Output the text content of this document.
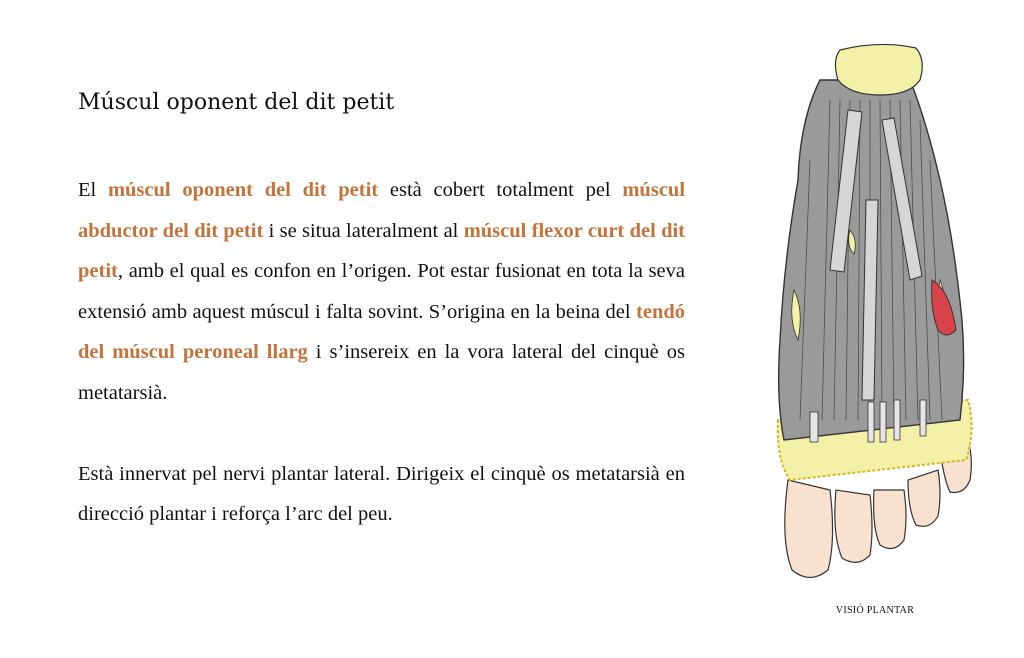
Múscul oponent del dit petit

El múscul oponent del dit petit està cobert totalment pel múscul abductor del dit petit i se situa lateralment al múscul flexor curt del dit petit, amb el qual es confon en l’origen. Pot estar fusionat en tota la seva extensió amb aquest múscul i falta sovint. S’origina en la beina del tendó del múscul peroneal llarg i s’insereix en la vora lateral del cinquè os metatarsià.

Està innervat pel nervi plantar lateral. Dirigeix el cinquè os metatarsià en direcció plantar i reforça l’arc del peu.

VISIÓ PLANTAR
